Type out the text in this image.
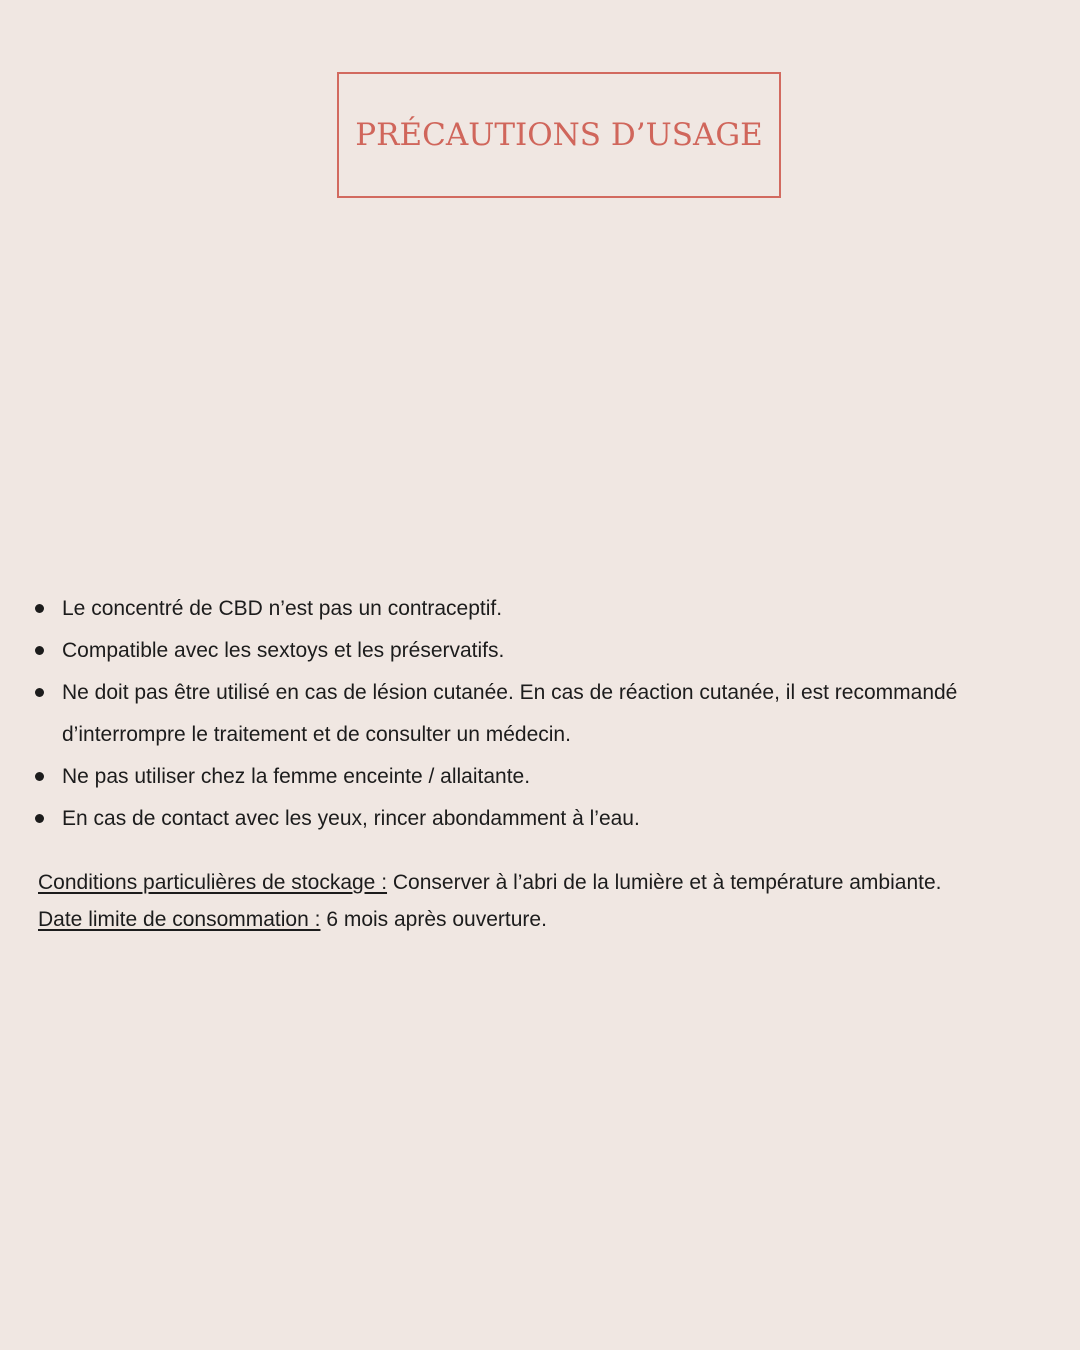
PRÉCAUTIONS D’USAGE
Le concentré de CBD n’est pas un contraceptif.
Compatible avec les sextoys et les préservatifs.
Ne doit pas être utilisé en cas de lésion cutanée. En cas de réaction cutanée, il est recommandé d’interrompre le traitement et de consulter un médecin.
Ne pas utiliser chez la femme enceinte / allaitante.
En cas de contact avec les yeux, rincer abondamment à l’eau.
Conditions particulières de stockage : Conserver à l’abri de la lumière et à température ambiante.
Date limite de consommation : 6 mois après ouverture.
